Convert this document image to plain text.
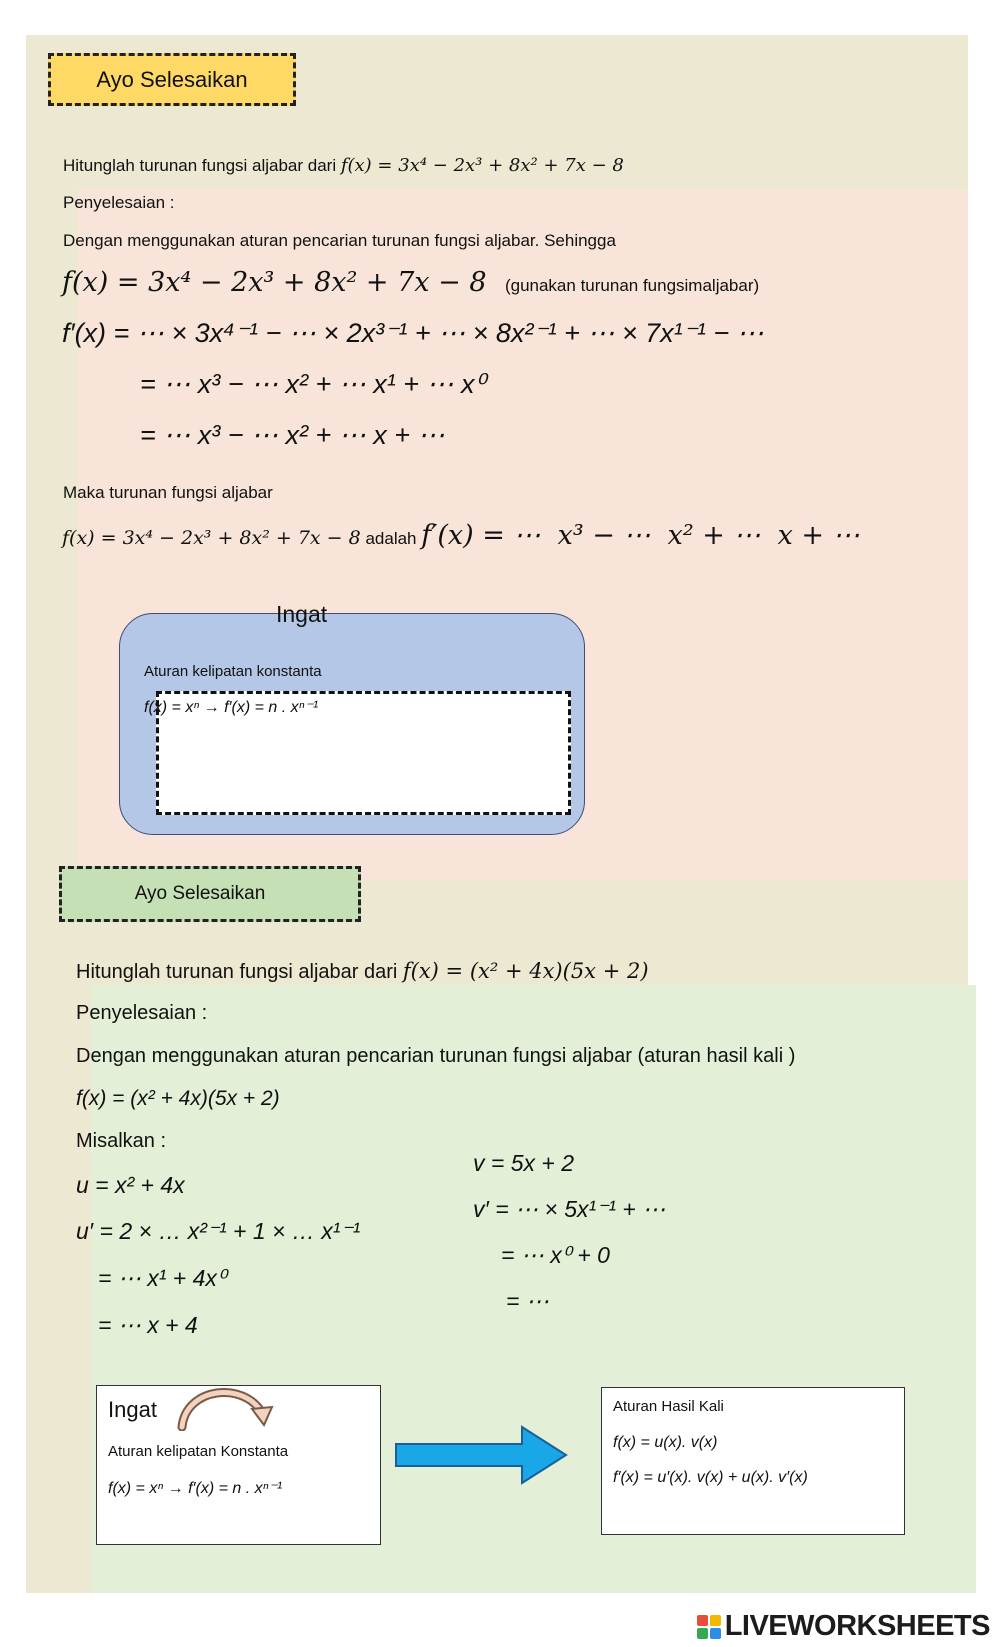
Ayo Selesaikan
Hitunglah turunan fungsi aljabar dari f(x) = 3x⁴ − 2x³ + 8x² + 7x − 8
Penyelesaian :
Dengan menggunakan aturan pencarian turunan fungsi aljabar. Sehingga
f(x) = 3x⁴ − 2x³ + 8x² + 7x − 8 (gunakan turunan fungsimaljabar)
f′(x) = ⋯ × 3x⁴⁻¹ − ⋯ × 2x³⁻¹ + ⋯ × 8x²⁻¹ + ⋯ × 7x¹⁻¹ − ⋯
= ⋯ x³ − ⋯ x² + ⋯ x¹ + ⋯ x⁰
= ⋯ x³ − ⋯ x² + ⋯ x + ⋯
Maka turunan fungsi aljabar
f(x) = 3x⁴ − 2x³ + 8x² + 7x − 8 adalah f′(x) = ⋯  x³ − ⋯  x² + ⋯  x + ⋯
Ingat
Aturan kelipatan konstanta
f(x) = xⁿ → f′(x) = n . xⁿ⁻¹
Ayo Selesaikan
Hitunglah turunan fungsi aljabar dari f(x) = (x² + 4x)(5x + 2)
Penyelesaian :
Dengan menggunakan aturan pencarian turunan fungsi aljabar (aturan hasil kali )
f(x) = (x² + 4x)(5x + 2)
Misalkan :
u = x² + 4x
u′ = 2 × … x²⁻¹ + 1 × … x¹⁻¹
= ⋯ x¹ + 4x⁰
= ⋯ x + 4
v = 5x + 2
v′ = ⋯ × 5x¹⁻¹ + ⋯
= ⋯ x⁰ + 0
= ⋯
Ingat
Aturan kelipatan Konstanta
f(x) = xⁿ → f′(x) = n . xⁿ⁻¹
Aturan Hasil Kali
f(x) = u(x). v(x)
f′(x) = u′(x). v(x) + u(x). v′(x)
LIVEWORKSHEETS
